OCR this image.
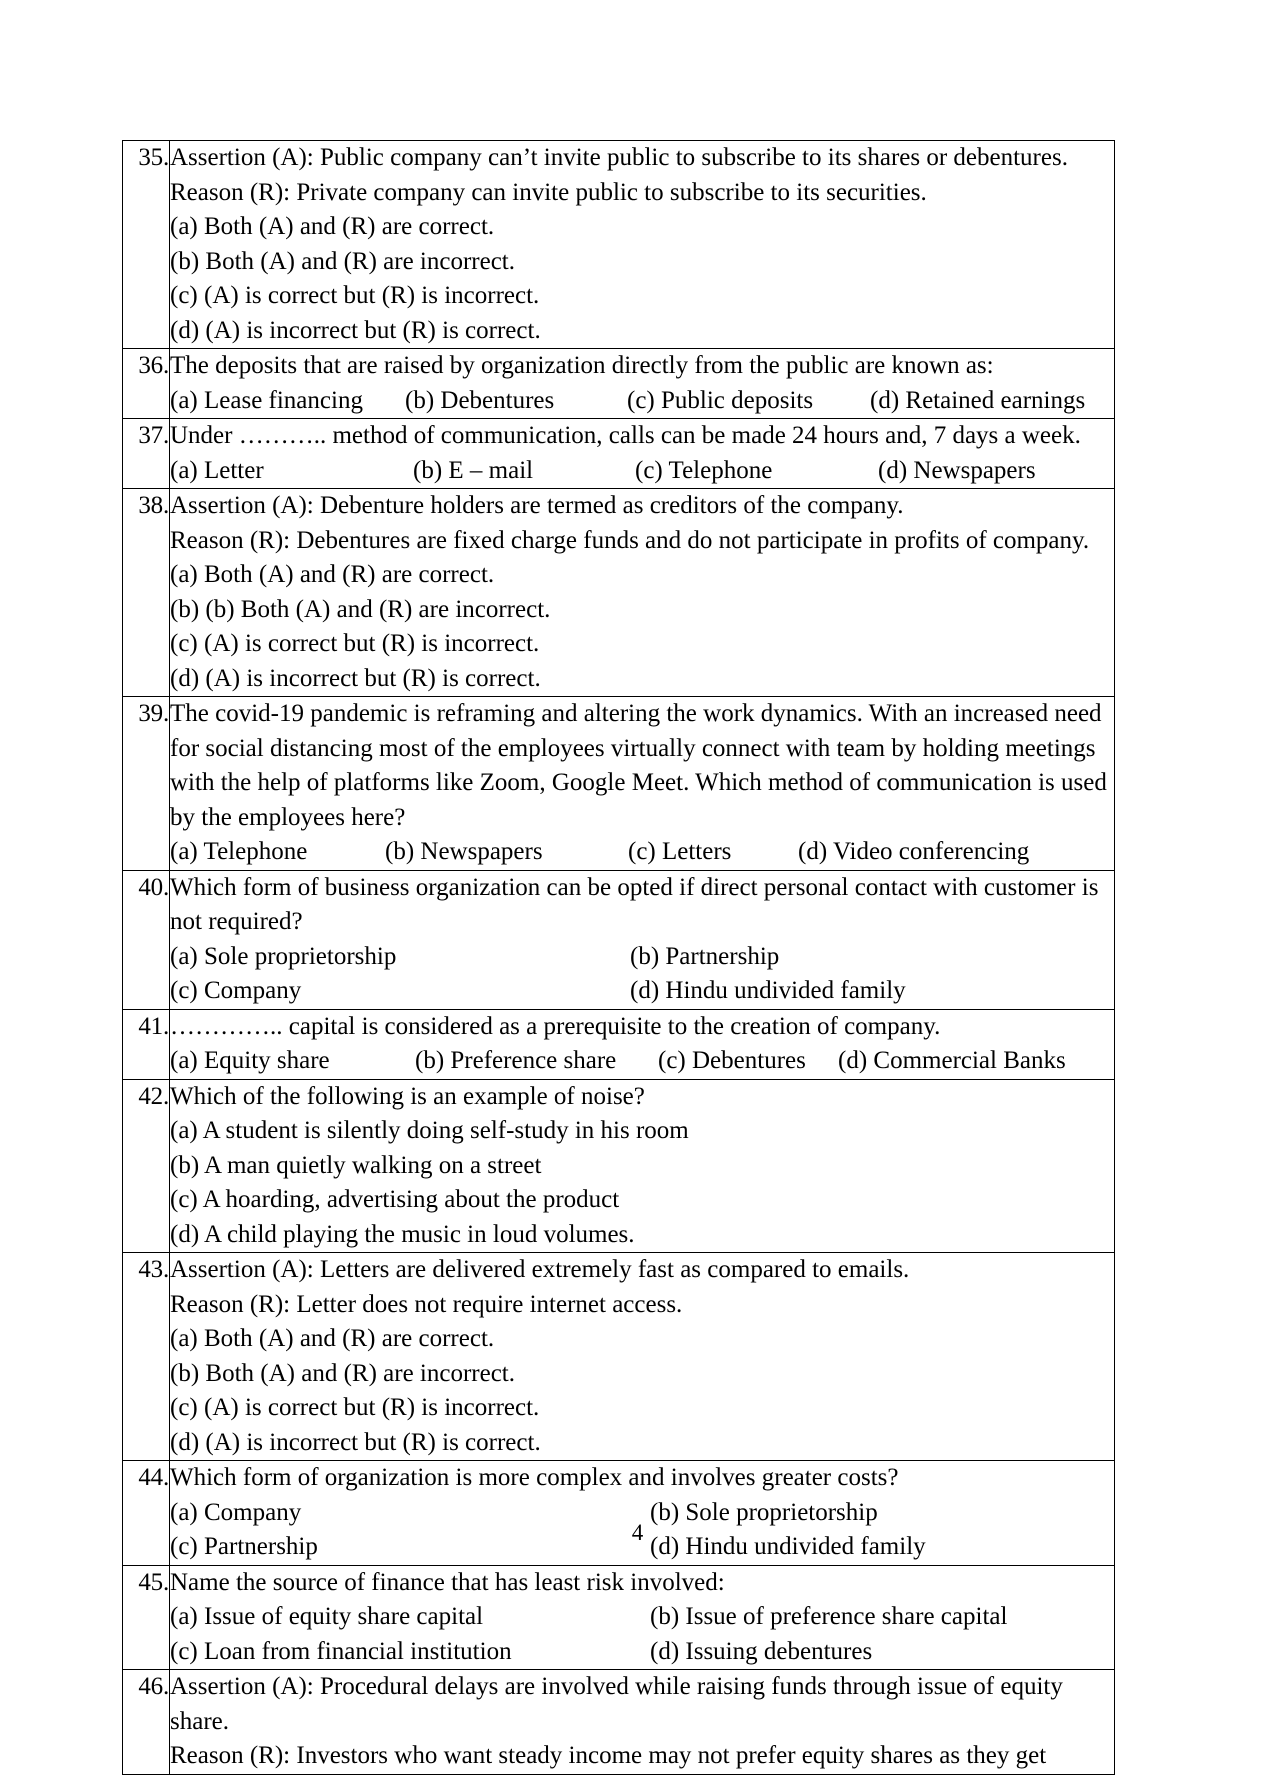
35.	Assertion (A): Public company can’t invite public to subscribe to its shares or debentures.
Reason (R): Private company can invite public to subscribe to its securities.
(a) Both (A) and (R) are correct.
(b) Both (A) and (R) are incorrect.
(c) (A) is correct but (R) is incorrect.
(d) (A) is incorrect but (R) is correct.

36.	The deposits that are raised by organization directly from the public are known as:
(a) Lease financing (b) Debentures (c) Public deposits (d) Retained earnings

37.	Under ……….. method of communication, calls can be made 24 hours and, 7 days a week.
(a) Letter (b) E – mail (c) Telephone (d) Newspapers

38.	Assertion (A): Debenture holders are termed as creditors of the company.
Reason (R): Debentures are fixed charge funds and do not participate in profits of company.
(a) Both (A) and (R) are correct.
(b) (b) Both (A) and (R) are incorrect.
(c) (A) is correct but (R) is incorrect.
(d) (A) is incorrect but (R) is correct.

39.	The covid-19 pandemic is reframing and altering the work dynamics. With an increased need for social distancing most of the employees virtually connect with team by holding meetings with the help of platforms like Zoom, Google Meet. Which method of communication is used by the employees here?
(a) Telephone (b) Newspapers (c) Letters (d) Video conferencing

40.	Which form of business organization can be opted if direct personal contact with customer is not required?
(a) Sole proprietorship (b) Partnership
(c) Company (d) Hindu undivided family

41.	………….. capital is considered as a prerequisite to the creation of company.
(a) Equity share (b) Preference share (c) Debentures (d) Commercial Banks

42.	Which of the following is an example of noise?
(a) A student is silently doing self-study in his room
(b) A man quietly walking on a street
(c) A hoarding, advertising about the product
(d) A child playing the music in loud volumes.

43.	Assertion (A): Letters are delivered extremely fast as compared to emails.
Reason (R): Letter does not require internet access.
(a) Both (A) and (R) are correct.
(b) Both (A) and (R) are incorrect.
(c) (A) is correct but (R) is incorrect.
(d) (A) is incorrect but (R) is correct.

44.	Which form of organization is more complex and involves greater costs?
(a) Company (b) Sole proprietorship
(c) Partnership (d) Hindu undivided family

45.	Name the source of finance that has least risk involved:
(a) Issue of equity share capital (b) Issue of preference share capital
(c) Loan from financial institution (d) Issuing debentures

46.	Assertion (A): Procedural delays are involved while raising funds through issue of equity share.
Reason (R): Investors who want steady income may not prefer equity shares as they get
4
